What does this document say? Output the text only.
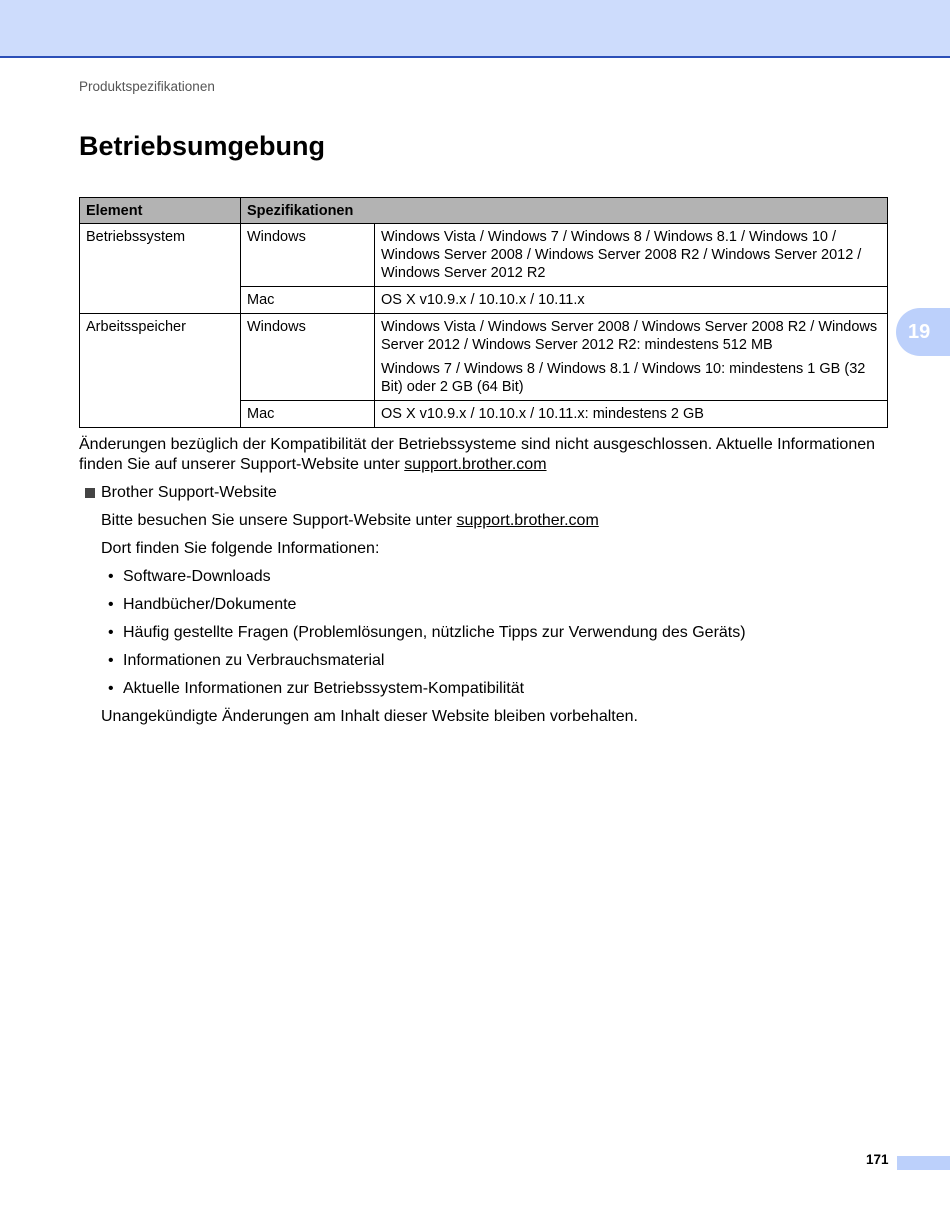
Produktspezifikationen
Betriebsumgebung
19
Element	Spezifikationen	
Betriebssystem	Windows	Windows Vista / Windows 7 / Windows 8 / Windows 8.1 / Windows 10 / Windows Server 2008 / Windows Server 2008 R2 / Windows Server 2012 / Windows Server 2012 R2

	Mac	OS X v10.9.x / 10.10.x / 10.11.x

Arbeitsspeicher	Windows	Windows Vista / Windows Server 2008 / Windows Server 2008 R2 / Windows Server 2012 / Windows Server 2012 R2: mindestens 512 MB

Windows 7 / Windows 8 / Windows 8.1 / Windows 10: mindestens 1 GB (32 Bit) oder 2 GB (64 Bit)

	Mac	OS X v10.9.x / 10.10.x / 10.11.x: mindestens 2 GB

Änderungen bezüglich der Kompatibilität der Betriebssysteme sind nicht ausgeschlossen. Aktuelle Informationen finden Sie auf unserer Support-Website unter support.brother.com

Brother Support-Website
Bitte besuchen Sie unsere Support-Website unter support.brother.com
Dort finden Sie folgende Informationen:
• Software-Downloads
• Handbücher/Dokumente
• Häufig gestellte Fragen (Problemlösungen, nützliche Tipps zur Verwendung des Geräts)
• Informationen zu Verbrauchsmaterial
• Aktuelle Informationen zur Betriebssystem-Kompatibilität
Unangekündigte Änderungen am Inhalt dieser Website bleiben vorbehalten.
171
